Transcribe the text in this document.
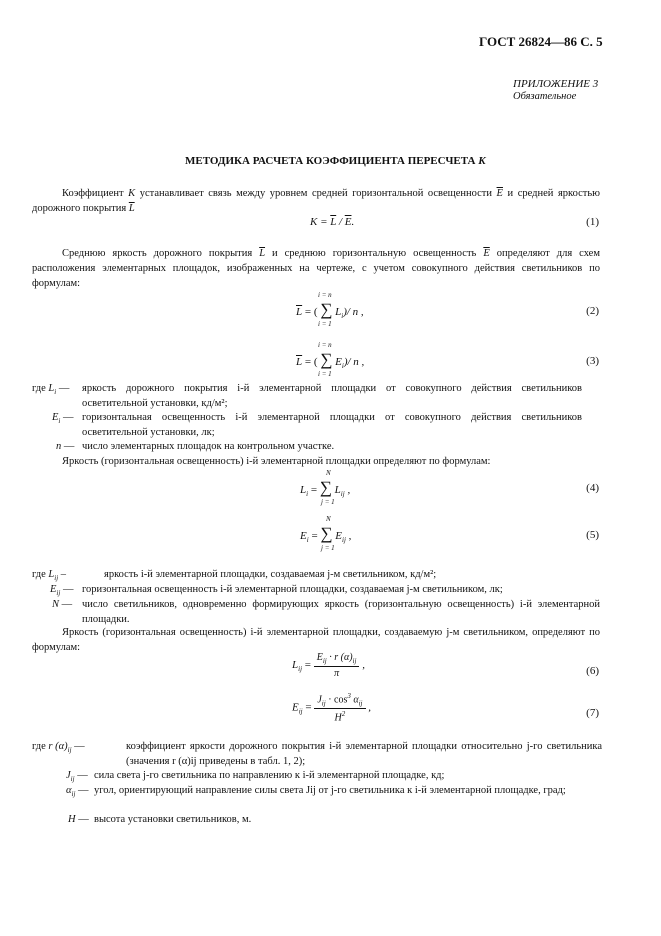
ГОСТ 26824—86 С. 5
ПРИЛОЖЕНИЕ 3
Обязательное
МЕТОДИКА РАСЧЕТА КОЭФФИЦИЕНТА ПЕРЕСЧЕТА K
Коэффициент K устанавливает связь между уровнем средней горизонтальной освещенности $\overline{E}$ и средней яркостью дорожного покрытия $\overline{L}$
$K = \overline{L} / \overline{E}$.	(1)
Среднюю яркость дорожного покрытия $\overline{L}$ и среднюю горизонтальную освещенность $\overline{E}$ определяют для схем расположения элементарных площадок, изображенных на чертеже, с учетом совокупного действия светильников по формулам:
i = n
$\overline{L}$ = ( ∑ $L_i)/$ n ,
i = 1
(2)
i = n
$\overline{L}$ = ( ∑ $E_i)/$ n ,
i = 1
(3)
где $L_i$ —	яркость дорожного покрытия i-й элементарной площадки от совокупного действия светильников осветительной установки, кд/м²;
$E_i$ — горизонтальная освещенность i-й элементарной площадки от совокупного действия светильников осветительной установки, лк;
n — число элементарных площадок на контрольном участке.
Яркость (горизонтальная освещенность) i-й элементарной площадки определяют по формулам:
N
$L_i$ = ∑ $L_{ij}$ ,
j = 1
(4)
N
$E_i$ = ∑ $E_{ij}$ ,
j = 1
(5)
где $L_{ij}$ –	яркость i-й элементарной площадки, создаваемая j-м светильником, кд/м²;
$E_{ij}$ — горизонтальная освещенность i-й элементарной площадки, создаваемая j-м светильником, лк;
N — число светильников, одновременно формирующих яркость (горизонтальную освещенность) i-й элементарной площадки.
Яркость (горизонтальная освещенность) i-й элементарной площадки, создаваемую j-м светильником, определяют по формулам:
$L_{ij} = \frac{E_{ij} \cdot r (\alpha)_{ij}}{\pi}$ ,	(6)
$E_{ij} = \frac{J_{ij} \cdot \cos^3 \alpha_{ij}}{H^2}$ ,	(7)
где r $(\alpha)_{ij}$ —	коэффициент яркости дорожного покрытия i-й элементарной площадки относительно j-го светильника (значения r (α)ij приведены в табл. 1, 2);
$J_{ij}$ — сила света j-го светильника по направлению к i-й элементарной площадке, кд;
$\alpha_{ij}$ — угол, ориентирующий направление силы света Jij от j-го светильника к i-й элементарной площадке, град;
H — высота установки светильников, м.
